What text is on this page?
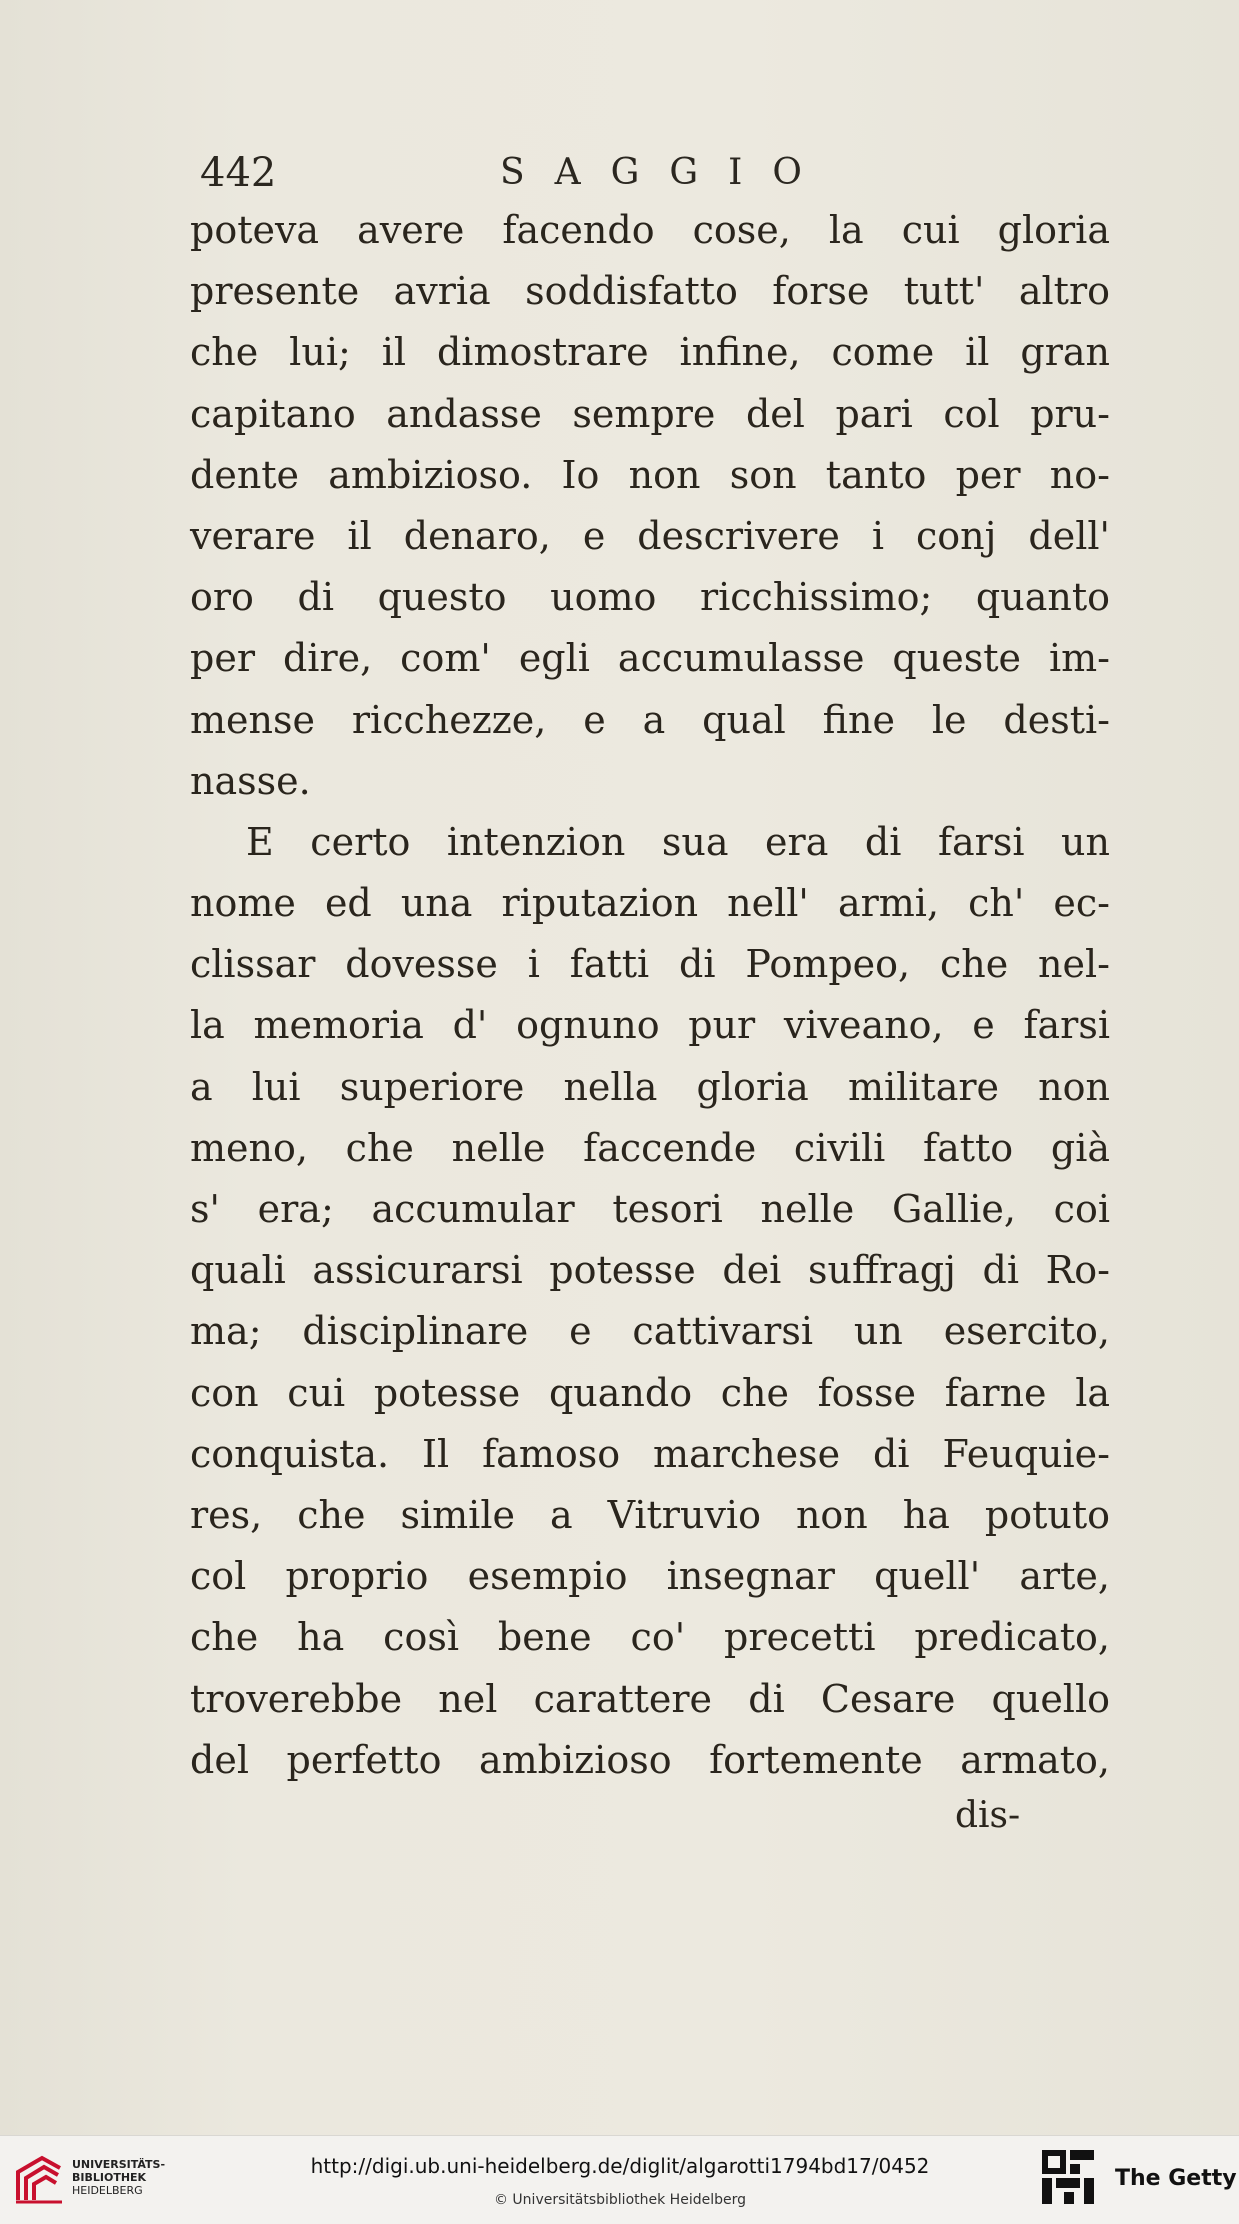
442	SAGGIO
poteva avere facendo cose, la cui gloria
presente avria soddisfatto forse tutt' altro
che lui; il dimostrare infine, come il gran
capitano andasse sempre del pari col pru-
dente ambizioso. Io non son tanto per no-
verare il denaro, e descrivere i conj dell'
oro di questo uomo ricchissimo; quanto
per dire, com' egli accumulasse queste im-
mense ricchezze, e a qual fine le desti-
nasse.
E certo intenzion sua era di farsi un
nome ed una riputazion nell' armi, ch' ec-
clissar dovesse i fatti di Pompeo, che nel-
la memoria d' ognuno pur viveano, e farsi
a lui superiore nella gloria militare non
meno, che nelle faccende civili fatto già
s' era; accumular tesori nelle Gallie, coi
quali assicurarsi potesse dei suffragj di Ro-
ma; disciplinare e cattivarsi un esercito,
con cui potesse quando che fosse farne la
conquista. Il famoso marchese di Feuquie-
res, che simile a Vitruvio non ha potuto
col proprio esempio insegnar quell' arte,
che ha così bene co' precetti predicato,
troverebbe nel carattere di Cesare quello
del perfetto ambizioso fortemente armato,
dis-
UNIVERSITÄTS-
BIBLIOTHEK
HEIDELBERG
http://digi.ub.uni-heidelberg.de/diglit/algarotti1794bd17/0452
© Universitätsbibliothek Heidelberg
The Getty
